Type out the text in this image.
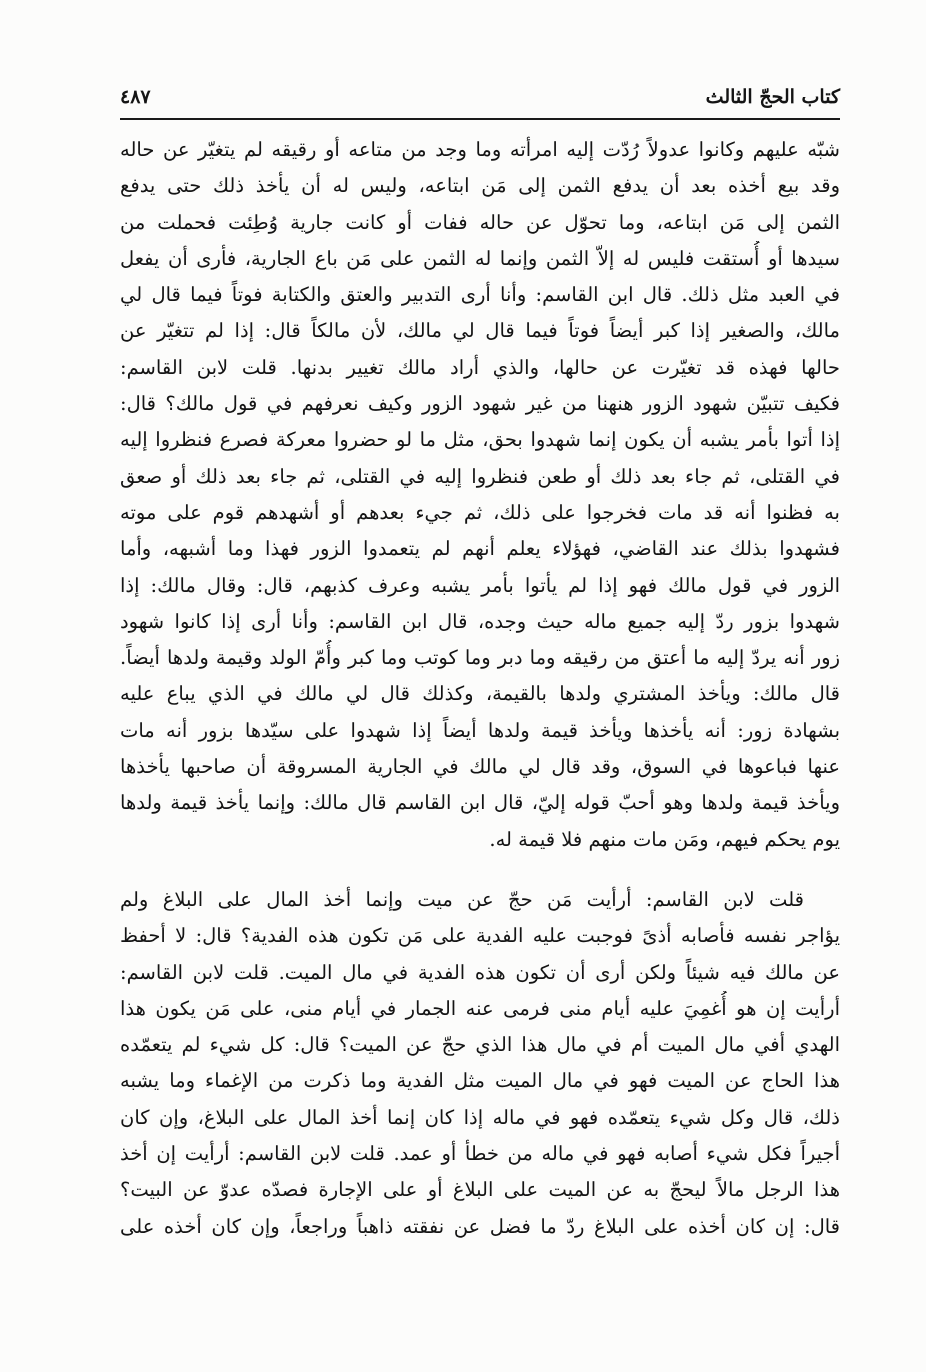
كتاب الحجّ الثالث
٤٨٧
شبّه عليهم وكانوا عدولاً رُدّت إليه امرأته وما وجد من متاعه أو رقيقه لم يتغيّر عن حاله
وقد بيع أخذه بعد أن يدفع الثمن إلى مَن ابتاعه، وليس له أن يأخذ ذلك حتى يدفع
الثمن إلى مَن ابتاعه، وما تحوّل عن حاله ففات أو كانت جارية وُطِئت فحملت من
سيدها أو أُستقت فليس له إلاّ الثمن وإنما له الثمن على مَن باع الجارية، فأرى أن يفعل
في العبد مثل ذلك. قال ابن القاسم: وأنا أرى التدبير والعتق والكتابة فوتاً فيما قال لي
مالك، والصغير إذا كبر أيضاً فوتاً فيما قال لي مالك، لأن مالكاً قال: إذا لم تتغيّر عن
حالها فهذه قد تغيّرت عن حالها، والذي أراد مالك تغيير بدنها. قلت لابن القاسم:
فكيف تتبيّن شهود الزور هنهنا من غير شهود الزور وكيف نعرفهم في قول مالك؟ قال:
إذا أتوا بأمر يشبه أن يكون إنما شهدوا بحق، مثل ما لو حضروا معركة فصرع فنظروا إليه
في القتلى، ثم جاء بعد ذلك أو طعن فنظروا إليه في القتلى، ثم جاء بعد ذلك أو صعق
به فظنوا أنه قد مات فخرجوا على ذلك، ثم جيء بعدهم أو أشهدهم قوم على موته
فشهدوا بذلك عند القاضي، فهؤلاء يعلم أنهم لم يتعمدوا الزور فهذا وما أشبهه، وأما
الزور في قول مالك فهو إذا لم يأتوا بأمر يشبه وعرف كذبهم، قال: وقال مالك: إذا
شهدوا بزور ردّ إليه جميع ماله حيث وجده، قال ابن القاسم: وأنا أرى إذا كانوا شهود
زور أنه يردّ إليه ما أعتق من رقيقه وما دبر وما كوتب وما كبر وأُمّ الولد وقيمة ولدها أيضاً.
قال مالك: ويأخذ المشتري ولدها بالقيمة، وكذلك قال لي مالك في الذي يباع عليه
بشهادة زور: أنه يأخذها ويأخذ قيمة ولدها أيضاً إذا شهدوا على سيّدها بزور أنه مات
عنها فباعوها في السوق، وقد قال لي مالك في الجارية المسروقة أن صاحبها يأخذها
ويأخذ قيمة ولدها وهو أحبّ قوله إليّ، قال ابن القاسم قال مالك: وإنما يأخذ قيمة ولدها
يوم يحكم فيهم، ومَن مات منهم فلا قيمة له.
قلت لابن القاسم: أرأيت مَن حجّ عن ميت وإنما أخذ المال على البلاغ ولم
يؤاجر نفسه فأصابه أذىً فوجبت عليه الفدية على مَن تكون هذه الفدية؟ قال: لا أحفظ
عن مالك فيه شيئاً ولكن أرى أن تكون هذه الفدية في مال الميت. قلت لابن القاسم:
أرأيت إن هو أُغمِيَ عليه أيام منى فرمى عنه الجمار في أيام منى، على مَن يكون هذا
الهدي أفي مال الميت أم في مال هذا الذي حجّ عن الميت؟ قال: كل شيء لم يتعمّده
هذا الحاج عن الميت فهو في مال الميت مثل الفدية وما ذكرت من الإغماء وما يشبه
ذلك، قال وكل شيء يتعمّده فهو في ماله إذا كان إنما أخذ المال على البلاغ، وإن كان
أجيراً فكل شيء أصابه فهو في ماله من خطأ أو عمد. قلت لابن القاسم: أرأيت إن أخذ
هذا الرجل مالاً ليحجّ به عن الميت على البلاغ أو على الإجارة فصدّه عدوّ عن البيت؟
قال: إن كان أخذه على البلاغ ردّ ما فضل عن نفقته ذاهباً وراجعاً، وإن كان أخذه على
